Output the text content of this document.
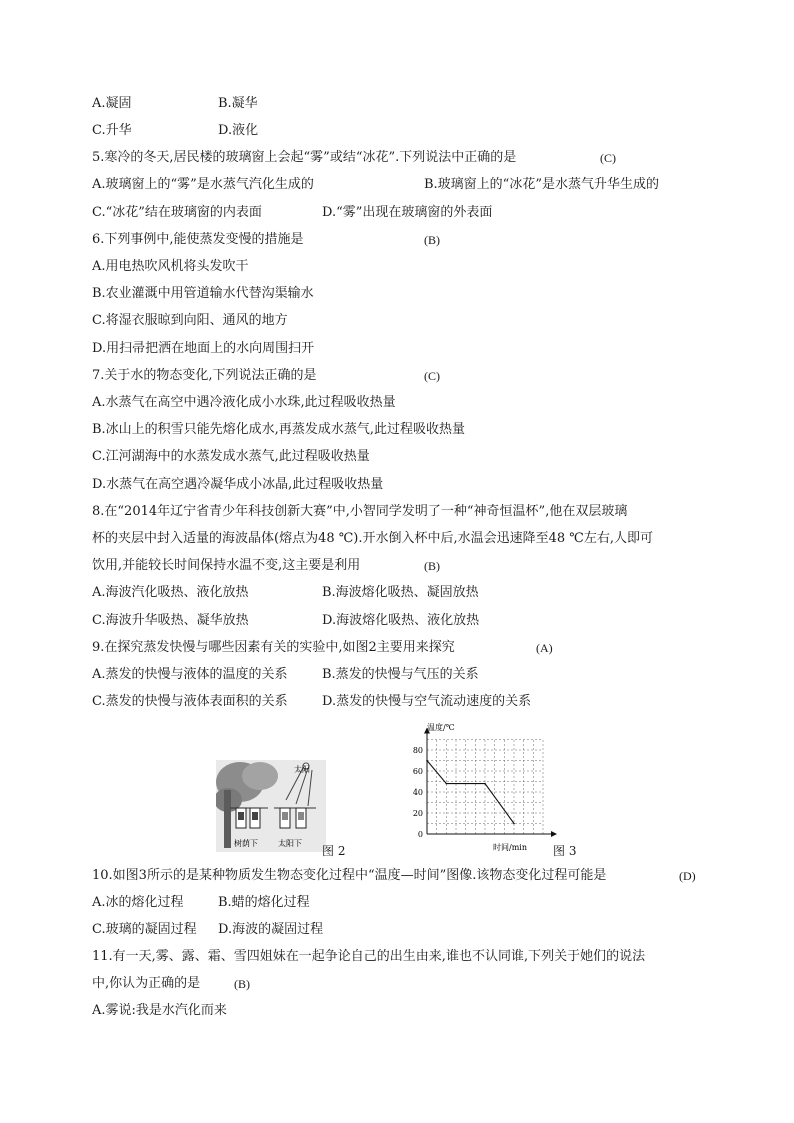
A.凝固	B.凝华
C.升华	D.液化
5.寒冷的冬天,居民楼的玻璃窗上会起“雾”或结“冰花”.下列说法中正确的是	(C)
A.玻璃窗上的“雾”是水蒸气汽化生成的	B.玻璃窗上的“冰花”是水蒸气升华生成的
C.“冰花”结在玻璃窗的内表面	D.“雾”出现在玻璃窗的外表面
6.下列事例中,能使蒸发变慢的措施是	(B)
A.用电热吹风机将头发吹干
B.农业灌溉中用管道输水代替沟渠输水
C.将湿衣服晾到向阳、通风的地方
D.用扫帚把洒在地面上的水向周围扫开
7.关于水的物态变化,下列说法正确的是	(C)
A.水蒸气在高空中遇冷液化成小水珠,此过程吸收热量
B.冰山上的积雪只能先熔化成水,再蒸发成水蒸气,此过程吸收热量
C.江河湖海中的水蒸发成水蒸气,此过程吸收热量
D.水蒸气在高空遇冷凝华成小冰晶,此过程吸收热量
8.在“2014年辽宁省青少年科技创新大赛”中,小智同学发明了一种“神奇恒温杯”,他在双层玻璃
杯的夹层中封入适量的海波晶体(熔点为48 ℃).开水倒入杯中后,水温会迅速降至48 ℃左右,人即可
饮用,并能较长时间保持水温不变,这主要是利用	(B)
A.海波汽化吸热、液化放热	B.海波熔化吸热、凝固放热
C.海波升华吸热、凝华放热	D.海波熔化吸热、液化放热
9.在探究蒸发快慢与哪些因素有关的实验中,如图2主要用来探究	(A)
A.蒸发的快慢与液体的温度的关系	B.蒸发的快慢与气压的关系
C.蒸发的快慢与液体表面积的关系	D.蒸发的快慢与空气流动速度的关系
太阳
树荫下	太阳下
图 2
0
20
40
60
80
温度/℃
时间/min 图 3
10.如图3所示的是某种物质发生物态变化过程中“温度—时间”图像.该物态变化过程可能是	(D)
A.冰的熔化过程	B.蜡的熔化过程
C.玻璃的凝固过程 D.海波的凝固过程
11.有一天,雾、露、霜、雪四姐妹在一起争论自己的出生由来,谁也不认同谁,下列关于她们的说法
中,你认为正确的是	(B)
A.雾说:我是水汽化而来
